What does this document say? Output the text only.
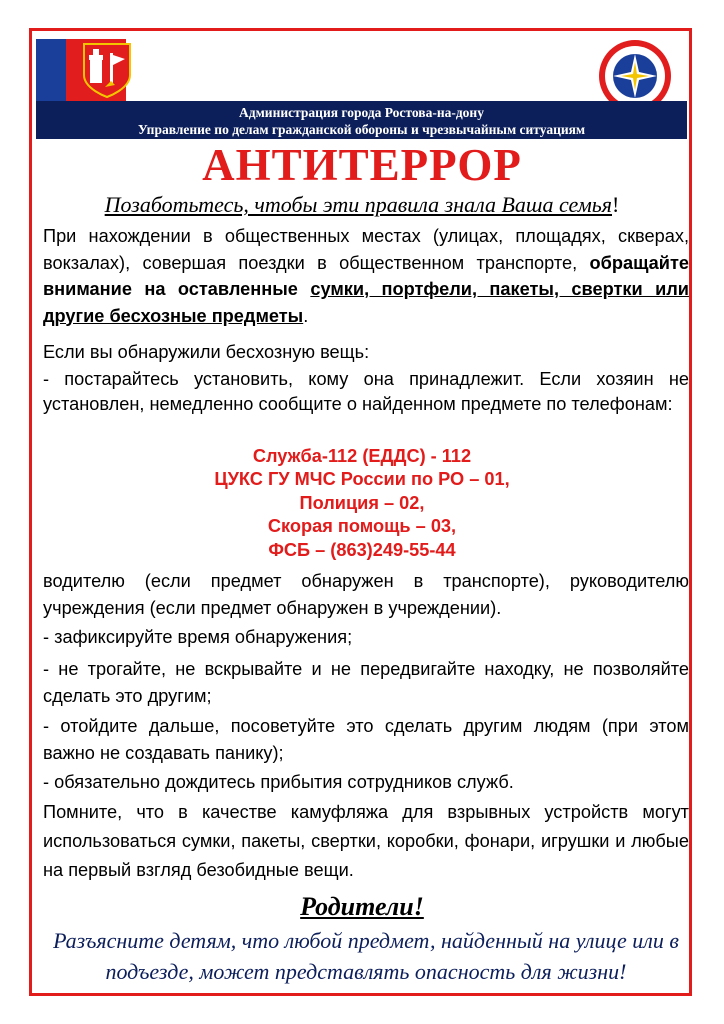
Администрация города Ростова-на-дону
Управление по делам гражданской обороны и чрезвычайным ситуациям
АНТИТЕРРОР
Позаботьтесь, чтобы эти правила знала Ваша семья!
При нахождении в общественных местах (улицах, площадях, скверах, вокзалах), совершая поездки в общественном транспорте, обращайте внимание на оставленные сумки, портфели, пакеты, свертки или другие бесхозные предметы.
Если вы обнаружили бесхозную вещь:
- постарайтесь установить, кому она принадлежит. Если хозяин не установлен, немедленно сообщите о найденном предмете по телефонам:
Служба-112 (ЕДДС) - 112
ЦУКС ГУ МЧС России по РО – 01,
Полиция – 02,
Скорая помощь – 03,
ФСБ – (863)249-55-44
водителю (если предмет обнаружен в транспорте), руководителю учреждения (если предмет обнаружен в учреждении).
- зафиксируйте время обнаружения;
- не трогайте, не вскрывайте и не передвигайте находку, не позволяйте сделать это другим;
- отойдите дальше, посоветуйте это сделать другим людям (при этом важно не создавать панику);
- обязательно дождитесь прибытия сотрудников служб.
Помните, что в качестве камуфляжа для взрывных устройств могут использоваться сумки, пакеты, свертки, коробки, фонари, игрушки и любые на первый взгляд безобидные вещи.
Родители!
Разъясните детям, что любой предмет, найденный на улице или в подъезде, может представлять опасность для жизни!
